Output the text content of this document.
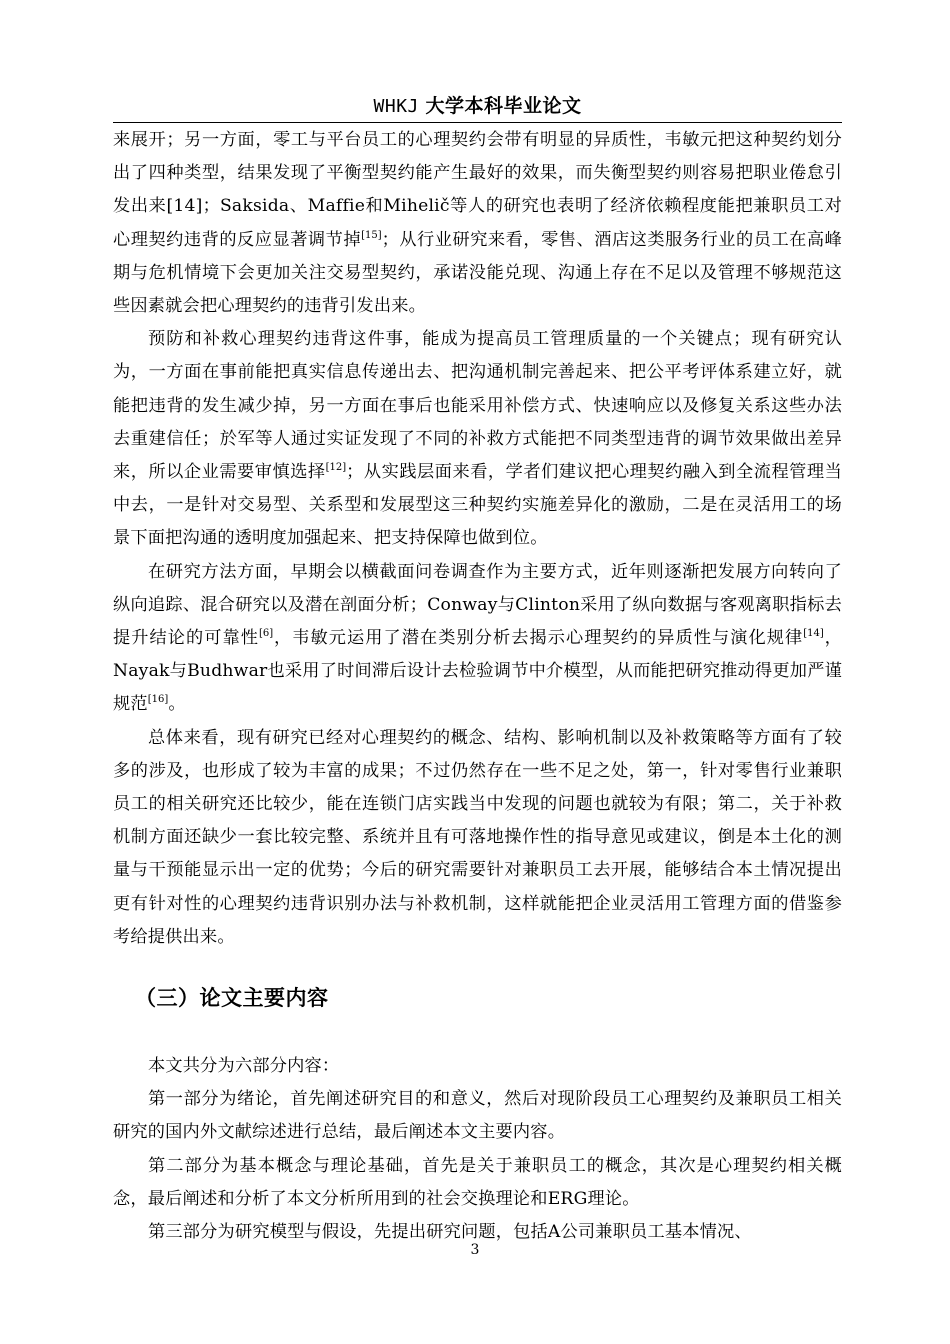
WHKJ 大学本科毕业论文

来展开；另一方面，零工与平台员工的心理契约会带有明显的异质性，韦敏元把这种契约划分出了四种类型，结果发现了平衡型契约能产生最好的效果，而失衡型契约则容易把职业倦怠引发出来[14]；Saksida、Maffie和Mihelič等人的研究也表明了经济依赖程度能把兼职员工对心理契约违背的反应显著调节掉[15]；从行业研究来看，零售、酒店这类服务行业的员工在高峰期与危机情境下会更加关注交易型契约，承诺没能兑现、沟通上存在不足以及管理不够规范这些因素就会把心理契约的违背引发出来。

预防和补救心理契约违背这件事，能成为提高员工管理质量的一个关键点；现有研究认为，一方面在事前能把真实信息传递出去、把沟通机制完善起来、把公平考评体系建立好，就能把违背的发生减少掉，另一方面在事后也能采用补偿方式、快速响应以及修复关系这些办法去重建信任；於军等人通过实证发现了不同的补救方式能把不同类型违背的调节效果做出差异来，所以企业需要审慎选择[12]；从实践层面来看，学者们建议把心理契约融入到全流程管理当中去，一是针对交易型、关系型和发展型这三种契约实施差异化的激励，二是在灵活用工的场景下面把沟通的透明度加强起来、把支持保障也做到位。

在研究方法方面，早期会以横截面问卷调查作为主要方式，近年则逐渐把发展方向转向了纵向追踪、混合研究以及潜在剖面分析；Conway与Clinton采用了纵向数据与客观离职指标去提升结论的可靠性[6]，韦敏元运用了潜在类别分析去揭示心理契约的异质性与演化规律[14]，Nayak与Budhwar也采用了时间滞后设计去检验调节中介模型，从而能把研究推动得更加严谨规范[16]。

总体来看，现有研究已经对心理契约的概念、结构、影响机制以及补救策略等方面有了较多的涉及，也形成了较为丰富的成果；不过仍然存在一些不足之处，第一，针对零售行业兼职员工的相关研究还比较少，能在连锁门店实践当中发现的问题也就较为有限；第二，关于补救机制方面还缺少一套比较完整、系统并且有可落地操作性的指导意见或建议，倒是本土化的测量与干预能显示出一定的优势；今后的研究需要针对兼职员工去开展，能够结合本土情况提出更有针对性的心理契约违背识别办法与补救机制，这样就能把企业灵活用工管理方面的借鉴参考给提供出来。

（三）论文主要内容

本文共分为六部分内容：

第一部分为绪论，首先阐述研究目的和意义，然后对现阶段员工心理契约及兼职员工相关研究的国内外文献综述进行总结，最后阐述本文主要内容。

第二部分为基本概念与理论基础，首先是关于兼职员工的概念，其次是心理契约相关概念，最后阐述和分析了本文分析所用到的社会交换理论和ERG理论。

第三部分为研究模型与假设，先提出研究问题，包括A公司兼职员工基本情况、

3
